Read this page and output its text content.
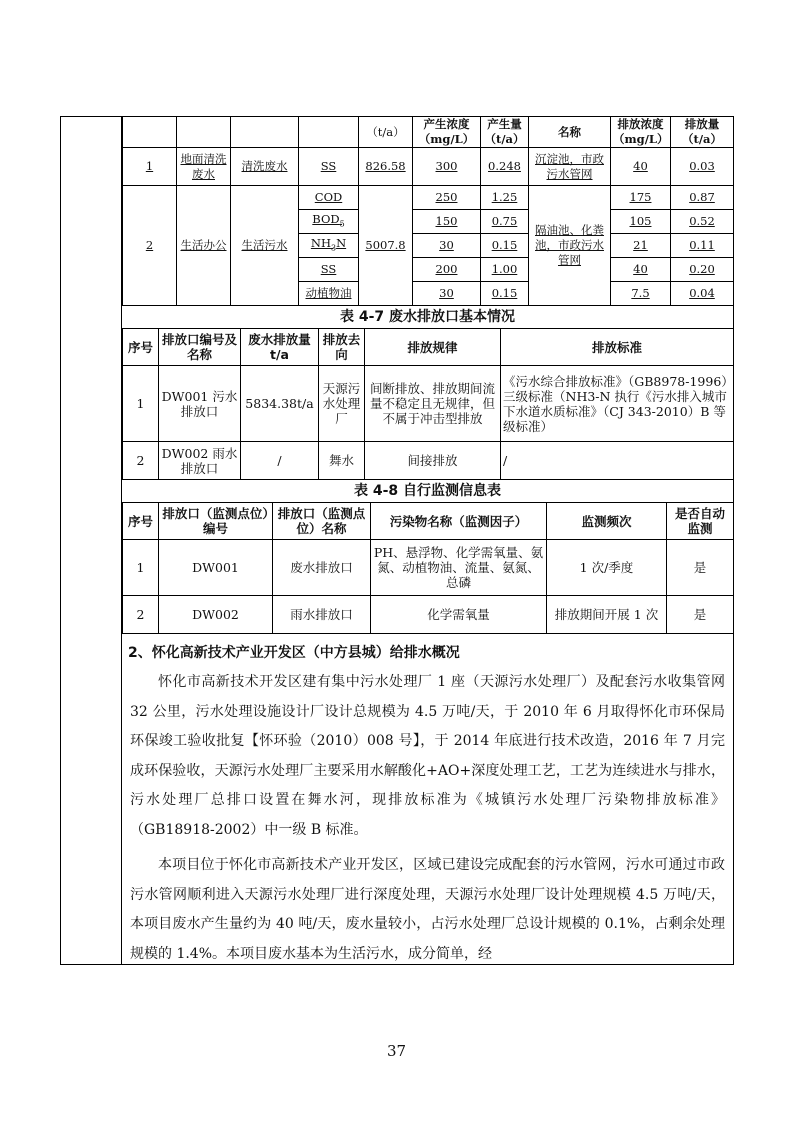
				（t/a）	产生浓度（mg/L）	产生量（t/a）	名称	排放浓度（mg/L）	排放量（t/a）
1	地面清洗废水	清洗废水	SS	826.58	300	0.248	沉淀池，市政污水管网	40	0.03
2	生活办公	生活污水	COD	5007.8	250	1.25	隔油池、化粪池，市政污水管网	175	0.87
			$BOD_5$		150	0.75		105	0.52
			$NH_3N$		30	0.15		21	0.11
			SS		200	1.00		40	0.20
			动植物油		30	0.15		7.5	0.04
表 4-7 废水排放口基本情况
序号	排放口编号及名称	废水排放量 t/a	排放去向	排放规律	排放标准
1	DW001 污水排放口	5834.38t/a	天源污水处理厂	间断排放、排放期间流量不稳定且无规律，但不属于冲击型排放	《污水综合排放标准》（GB8978-1996）三级标准（NH3-N 执行《污水排入城市下水道水质标准》（CJ 343-2010）B 等级标准）
2	DW002 雨水排放口	/	舞水	间接排放	/
表 4-8 自行监测信息表
序号	排放口（监测点位）编号	排放口（监测点位）名称	污染物名称（监测因子）	监测频次	是否自动监测
1	DW001	废水排放口	PH、悬浮物、化学需氧量、氨氮、动植物油、流量、氨氮、总磷	1 次/季度	是
2	DW002	雨水排放口	化学需氧量	排放期间开展 1 次	是
2、怀化高新技术产业开发区（中方县城）给排水概况

怀化市高新技术开发区建有集中污水处理厂 1 座（天源污水处理厂）及配套污水收集管网 32 公里，污水处理设施设计厂设计总规模为 4.5 万吨/天，于 2010 年 6 月取得怀化市环保局环保竣工验收批复【怀环验（2010）008 号】，于 2014 年底进行技术改造，2016 年 7 月完成环保验收，天源污水处理厂主要采用水解酸化+AO+深度处理工艺，工艺为连续进水与排水，污水处理厂总排口设置在舞水河，现排放标准为《城镇污水处理厂污染物排放标准》（GB18918-2002）中一级 B 标准。

本项目位于怀化市高新技术产业开发区，区域已建设完成配套的污水管网，污水可通过市政污水管网顺利进入天源污水处理厂进行深度处理，天源污水处理厂设计处理规模 4.5 万吨/天，本项目废水产生量约为 40 吨/天，废水量较小，占污水处理厂总设计规模的 0.1%，占剩余处理规模的 1.4%。本项目废水基本为生活污水，成分简单，经

37
